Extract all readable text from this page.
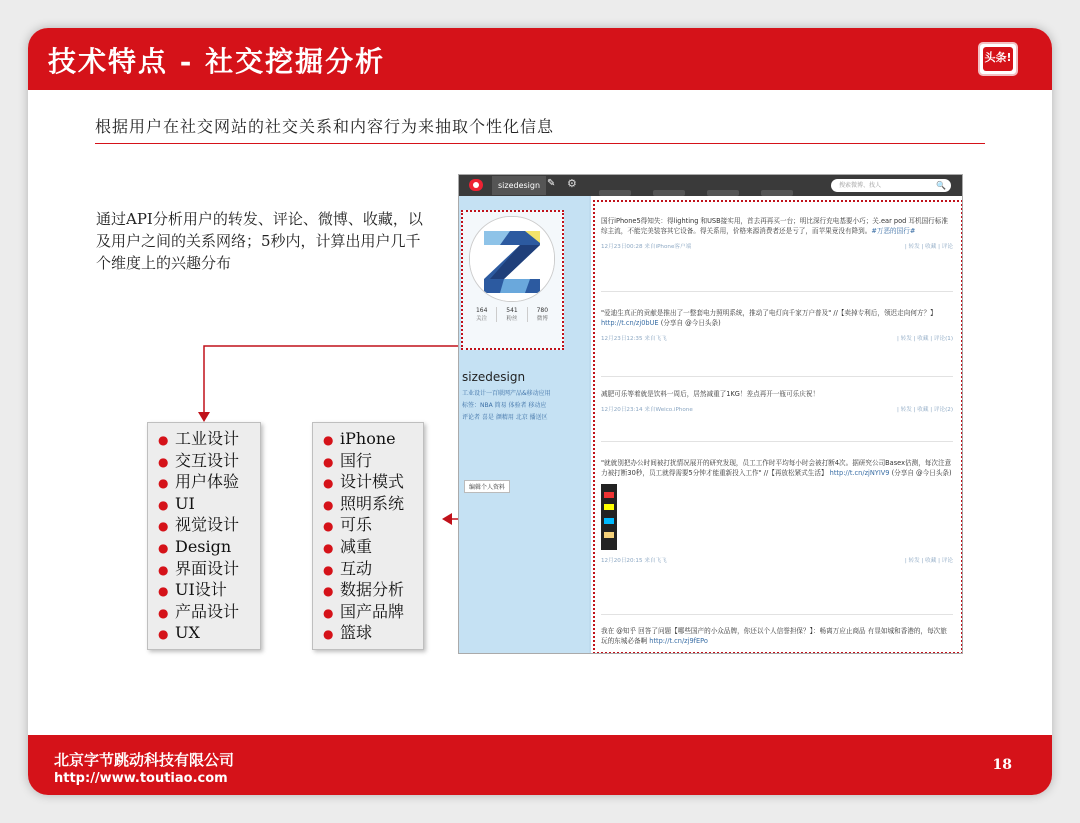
技术特点 - 社交挖掘分析	头条!
根据用户在社交网站的社交关系和内容行为来抽取个性化信息
通过API分析用户的转发、评论、微博、收藏，以及用户之间的关系网络；5秒内，计算出用户几千个维度上的兴趣分布
● 工业设计
● 交互设计
● 用户体验
● UI
● 视觉设计
● Design
● 界面设计
● UI设计
● 产品设计
● UX
● iPhone
● 国行
● 设计模式
● 照明系统
● 可乐
● 减重
● 互动
● 数据分析
● 国产品牌
● 篮球
sizedesign ✎ ⚙	搜索微博、找人	🔍
164
关注
541
粉丝
780
微博
sizedesign
工业设计一百联网产品&移动应用
标签：NBA 简易 体验者 移动应
评论者 喜是 颜精用 北京 播送区
编辑个人资料
国行iPhone5得知失：得lighting 和USB接实用，首去再再买一台；明比深行充电基要小巧；关.ear pod 耳机国行标准综主流，不能完美装容其它设备。得关系用，价格来源消费者还是亏了，而苹果竟没有降到。#万恶的国行#
12月23日00:28 来自iPhone客户端	| 转发 | 收藏 | 评论
"爱迪生真正的贡献是推出了一整套电力照明系统，推动了电灯向千家万户普及" //【卖掉专利后，领迟走向何方？】 http://t.cn/zj0bUE (分享自 @今日头条)
12月23日12:35 来自飞飞	| 转发 | 收藏 | 评论(1)
减肥可乐等着就是饮料一周后，居然减重了1KG！差点再开一瓶可乐庆祝！
12月20日23:14 来自Weico.iPhone	| 转发 | 收藏 | 评论(2)
"就就别把办公时间被打扰情况展开的研究发现，员工工作时平均每小时会被打断4次。据研究公司Basex估测，每次注意力被打断30秒，员工就得需要5分钟才能重新投入工作" //【再放松紧式生活】 http://t.cn/zjNYIV9 (分享自 @今日头条)
12月20日20:15 来自飞飞	| 转发 | 收藏 | 评论
我在 @知乎 回答了问题【哪些国产的小众品牌，你还以个人信誉担保？】：畅离万应止商品 有显如城和香港的，每次旅玩的东城必备啊 http://t.cn/zj9fEPo
北京字节跳动科技有限公司
http://www.toutiao.com
18
